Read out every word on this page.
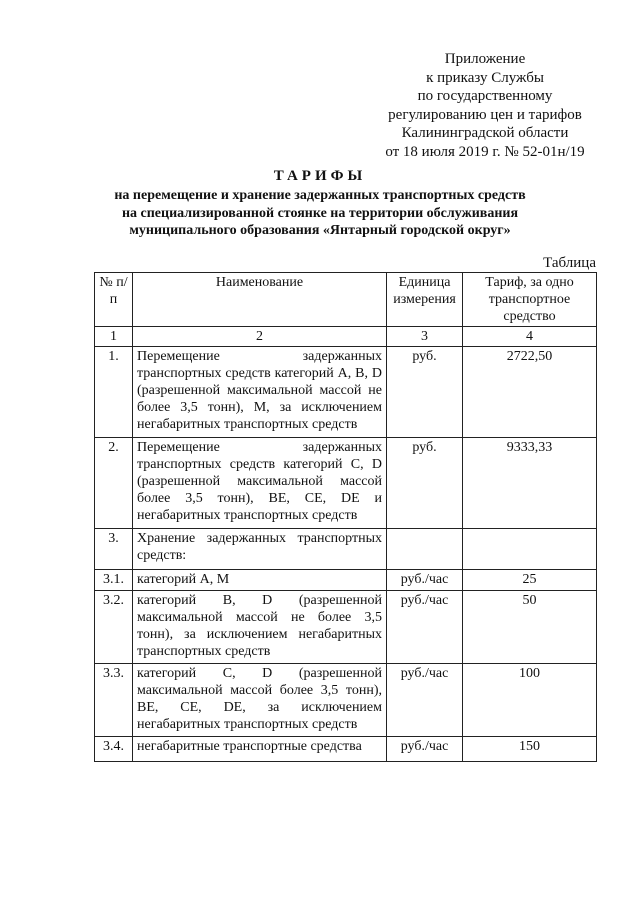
Приложение
к приказу Службы
по государственному
регулированию цен и тарифов
Калининградской области
от 18 июля 2019 г. № 52-01н/19
ТАРИФЫ
на перемещение и хранение задержанных транспортных средств
на специализированной стоянке на территории обслуживания
муниципального образования «Янтарный городской округ»
Таблица
№ п/п	Наименование	Единица измерения	Тариф, за одно транспортное средство
1	2	3	4
1.	Перемещение задержанных транспортных средств категорий A, B, D (разрешенной максимальной массой не более 3,5 тонн), M, за исключением негабаритных транспортных средств	руб.	2722,50
2.	Перемещение задержанных транспортных средств категорий C, D (разрешенной максимальной массой более 3,5 тонн), BE, CE, DE и негабаритных транспортных средств	руб.	9333,33
3.	Хранение задержанных транспортных средств:		
3.1.	категорий A, M	руб./час	25
3.2.	категорий B, D (разрешенной максимальной массой не более 3,5 тонн), за исключением негабаритных транспортных средств	руб./час	50
3.3.	категорий C, D (разрешенной максимальной массой более 3,5 тонн), BE, CE, DE, за исключением негабаритных транспортных средств	руб./час	100
3.4.	негабаритные транспортные средства	руб./час	150
